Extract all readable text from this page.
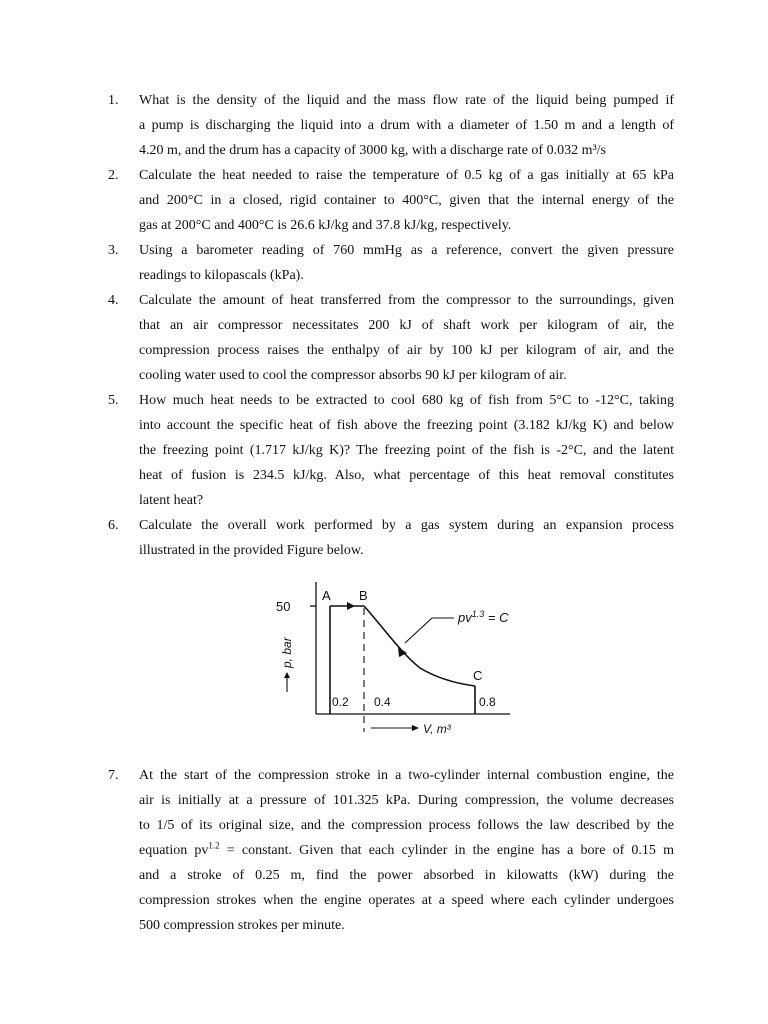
1. What is the density of the liquid and the mass flow rate of the liquid being pumped if
a pump is discharging the liquid into a drum with a diameter of 1.50 m and a length of
4.20 m, and the drum has a capacity of 3000 kg, with a discharge rate of 0.032 m³/s
2. Calculate the heat needed to raise the temperature of 0.5 kg of a gas initially at 65 kPa
and 200°C in a closed, rigid container to 400°C, given that the internal energy of the
gas at 200°C and 400°C is 26.6 kJ/kg and 37.8 kJ/kg, respectively.
3. Using a barometer reading of 760 mmHg as a reference, convert the given pressure
readings to kilopascals (kPa).
4. Calculate the amount of heat transferred from the compressor to the surroundings, given
that an air compressor necessitates 200 kJ of shaft work per kilogram of air, the
compression process raises the enthalpy of air by 100 kJ per kilogram of air, and the
cooling water used to cool the compressor absorbs 90 kJ per kilogram of air.
5. How much heat needs to be extracted to cool 680 kg of fish from 5°C to -12°C, taking
into account the specific heat of fish above the freezing point (3.182 kJ/kg K) and below
the freezing point (1.717 kJ/kg K)? The freezing point of the fish is -2°C, and the latent
heat of fusion is 234.5 kJ/kg. Also, what percentage of this heat removal constitutes
latent heat?
6. Calculate the overall work performed by a gas system during an expansion process
illustrated in the provided Figure below.
7. At the start of the compression stroke in a two-cylinder internal combustion engine, the
air is initially at a pressure of 101.325 kPa. During compression, the volume decreases
to 1/5 of its original size, and the compression process follows the law described by the
equation $pv^{1.2}$ = constant. Given that each cylinder in the engine has a bore of 0.15 m
and a stroke of 0.25 m, find the power absorbed in kilowatts (kW) during the
compression strokes when the engine operates at a speed where each cylinder undergoes
500 compression strokes per minute.
50
p, bar
A B
C
$pv^{1.3} = C$
0.2 0.4	0.8
V, m³
